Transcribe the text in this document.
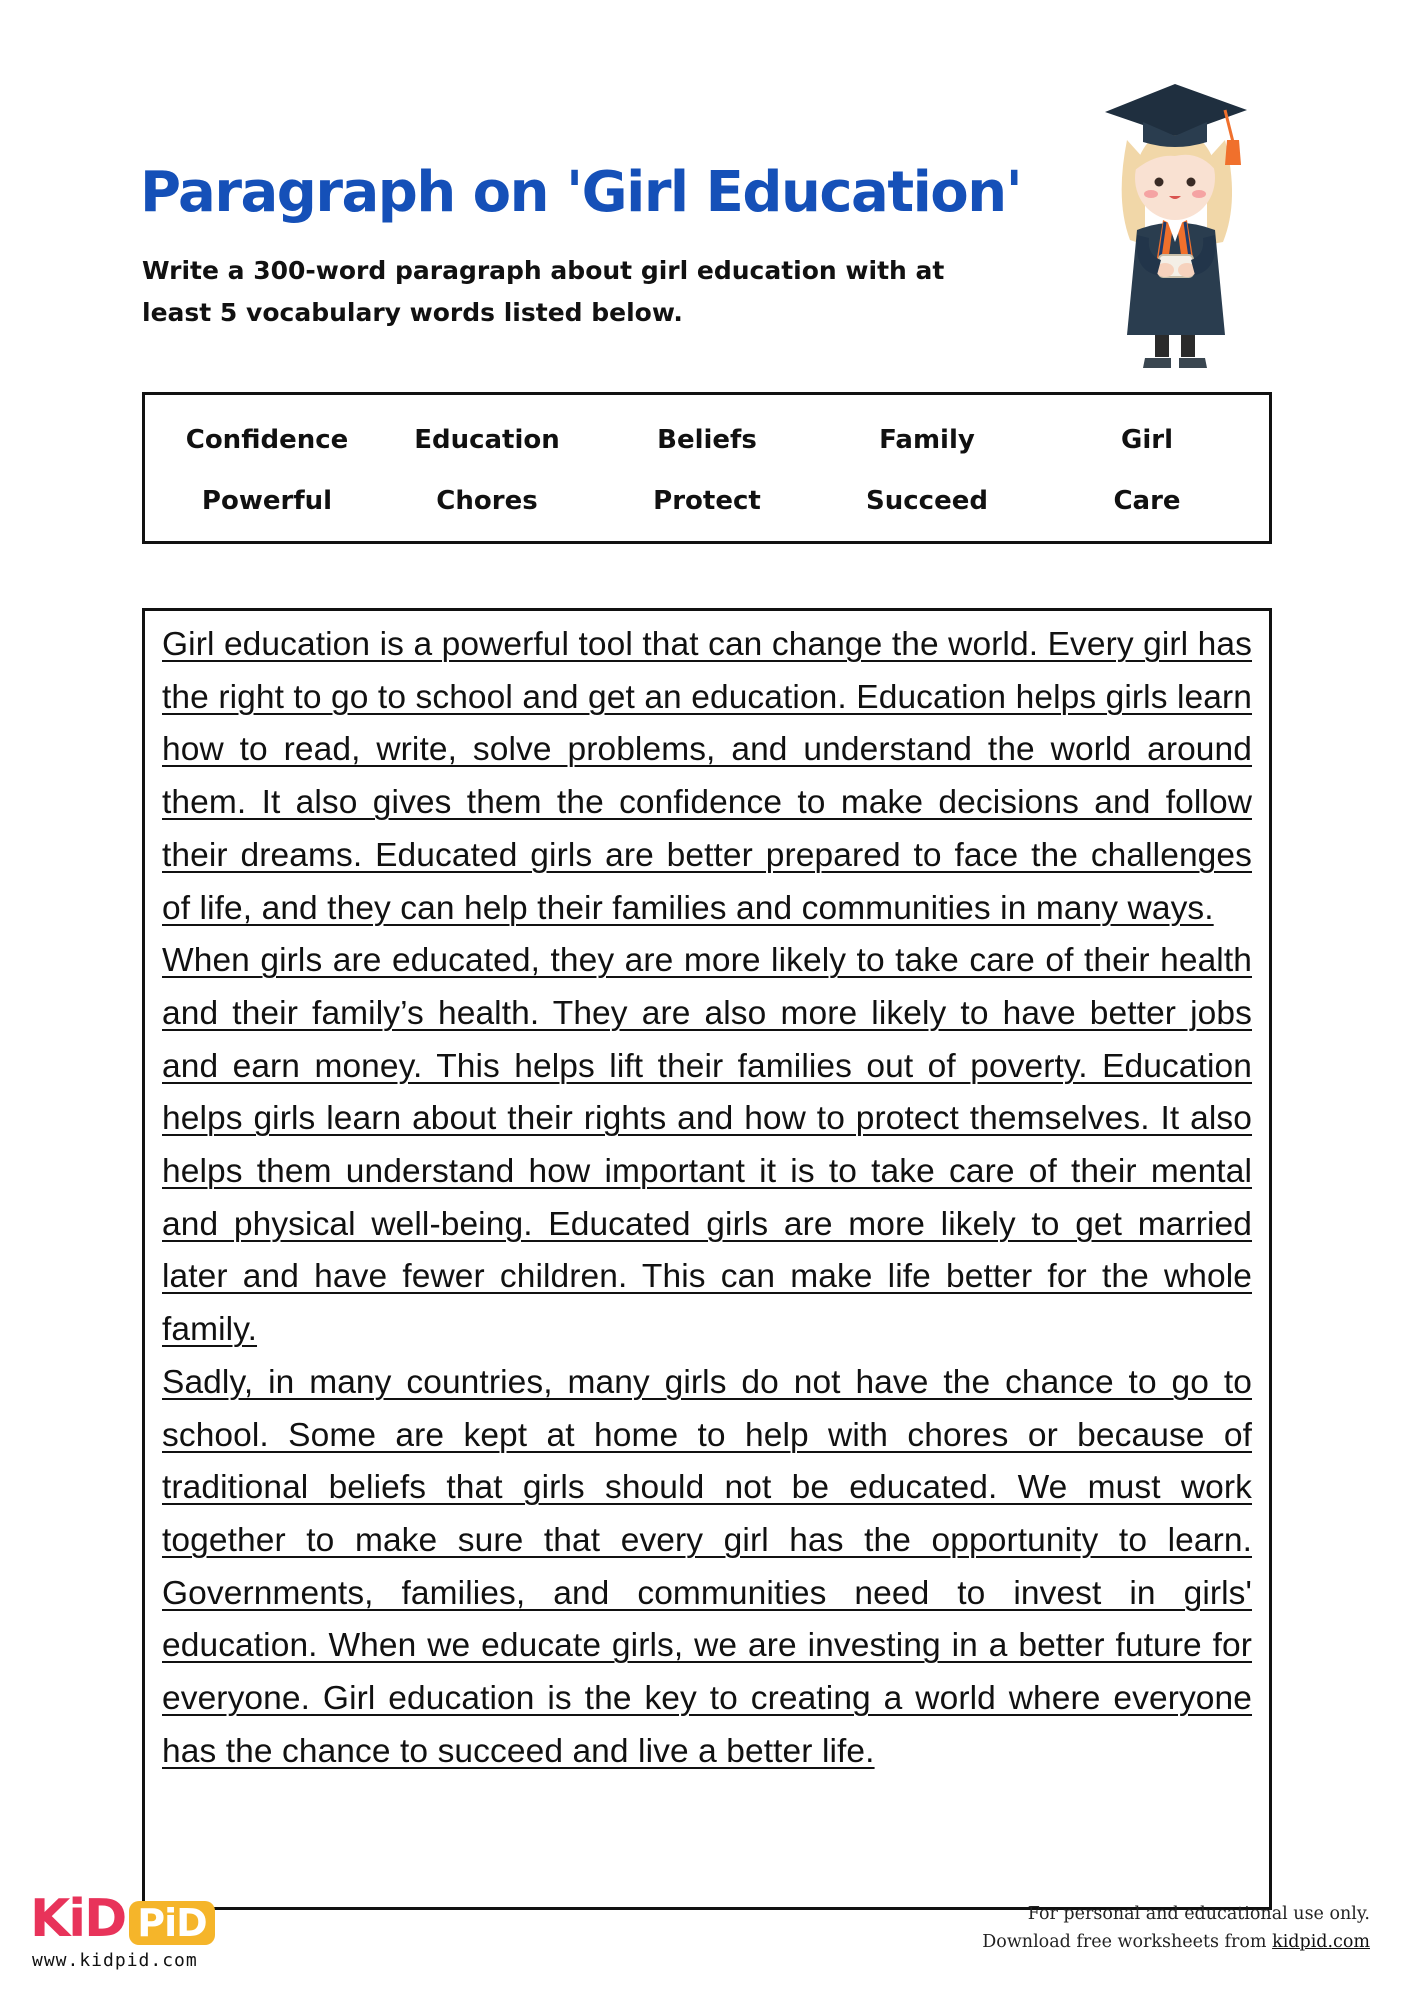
Paragraph on 'Girl Education'

Write a 300-word paragraph about girl education with at
least 5 vocabulary words listed below.

Confidence	Education	Beliefs	Family	Girl
Powerful	Chores	Protect	Succeed	Care

Girl education is a powerful tool that can change the world. Every girl has the right to go to school and get an education. Education helps girls learn how to read, write, solve problems, and understand the world around them. It also gives them the confidence to make decisions and follow their dreams. Educated girls are better prepared to face the challenges of life, and they can help their families and communities in many ways.

When girls are educated, they are more likely to take care of their health and their family’s health. They are also more likely to have better jobs and earn money. This helps lift their families out of poverty. Education helps girls learn about their rights and how to protect themselves. It also helps them understand how important it is to take care of their mental and physical well-being. Educated girls are more likely to get married later and have fewer children. This can make life better for the whole family.

Sadly, in many countries, many girls do not have the chance to go to school. Some are kept at home to help with chores or because of traditional beliefs that girls should not be educated. We must work together to make sure that every girl has the opportunity to learn. Governments, families, and communities need to invest in girls' education. When we educate girls, we are investing in a better future for everyone. Girl education is the key to creating a world where everyone has the chance to succeed and live a better life.

KiD PiD
www.kidpid.com
For personal and educational use only.
Download free worksheets from kidpid.com
